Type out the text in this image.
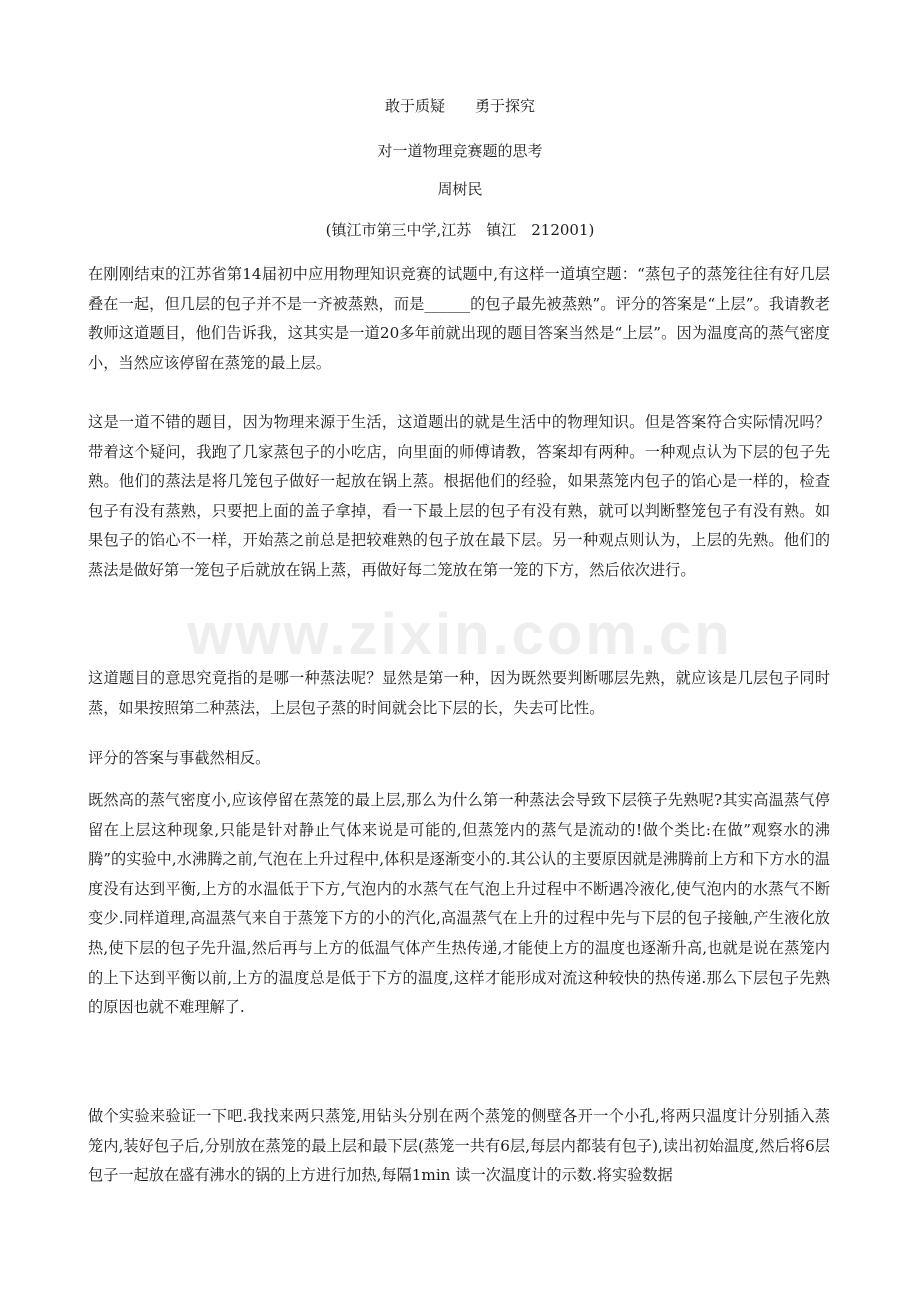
敢于质疑　　勇于探究
对一道物理竞赛题的思考
周树民
(镇江市第三中学,江苏　镇江　212001)
在刚刚结束的江苏省第14届初中应用物理知识竞赛的试题中,有这样一道填空题：“蒸包子的蒸笼往往有好几层叠在一起，但几层的包子并不是一齐被蒸熟，而是______的包子最先被蒸熟”。评分的答案是“上层”。我请教老教师这道题目，他们告诉我，这其实是一道20多年前就出现的题目答案当然是“上层”。因为温度高的蒸气密度小，当然应该停留在蒸笼的最上层。
这是一道不错的题目，因为物理来源于生活，这道题出的就是生活中的物理知识。但是答案符合实际情况吗？带着这个疑问，我跑了几家蒸包子的小吃店，向里面的师傅请教，答案却有两种。一种观点认为下层的包子先熟。他们的蒸法是将几笼包子做好一起放在锅上蒸。根据他们的经验，如果蒸笼内包子的馅心是一样的，检查包子有没有蒸熟，只要把上面的盖子拿掉，看一下最上层的包子有没有熟，就可以判断整笼包子有没有熟。如果包子的馅心不一样，开始蒸之前总是把较难熟的包子放在最下层。另一种观点则认为，上层的先熟。他们的蒸法是做好第一笼包子后就放在锅上蒸，再做好每二笼放在第一笼的下方，然后依次进行。
这道题目的意思究竟指的是哪一种蒸法呢？显然是第一种，因为既然要判断哪层先熟，就应该是几层包子同时蒸，如果按照第二种蒸法，上层包子蒸的时间就会比下层的长，失去可比性。
评分的答案与事截然相反。
既然高的蒸气密度小,应该停留在蒸笼的最上层,那么为什么第一种蒸法会导致下层筷子先熟呢?其实高温蒸气停留在上层这种现象,只能是针对静止气体来说是可能的,但蒸笼内的蒸气是流动的!做个类比:在做”观察水的沸腾”的实验中,水沸腾之前,气泡在上升过程中,体积是逐渐变小的.其公认的主要原因就是沸腾前上方和下方水的温度没有达到平衡,上方的水温低于下方,气泡内的水蒸气在气泡上升过程中不断遇冷液化,使气泡内的水蒸气不断变少.同样道理,高温蒸气来自于蒸笼下方的小的汽化,高温蒸气在上升的过程中先与下层的包子接触,产生液化放热,使下层的包子先升温,然后再与上方的低温气体产生热传递,才能使上方的温度也逐渐升高,也就是说在蒸笼内的上下达到平衡以前,上方的温度总是低于下方的温度,这样才能形成对流这种较快的热传递.那么下层包子先熟的原因也就不难理解了.
做个实验来验证一下吧.我找来两只蒸笼,用钻头分别在两个蒸笼的侧壁各开一个小孔,将两只温度计分别插入蒸笼内,装好包子后,分别放在蒸笼的最上层和最下层(蒸笼一共有6层,每层内都装有包子),读出初始温度,然后将6层包子一起放在盛有沸水的锅的上方进行加热,每隔1min 读一次温度计的示数.将实验数据
www.zixin.com.cn
